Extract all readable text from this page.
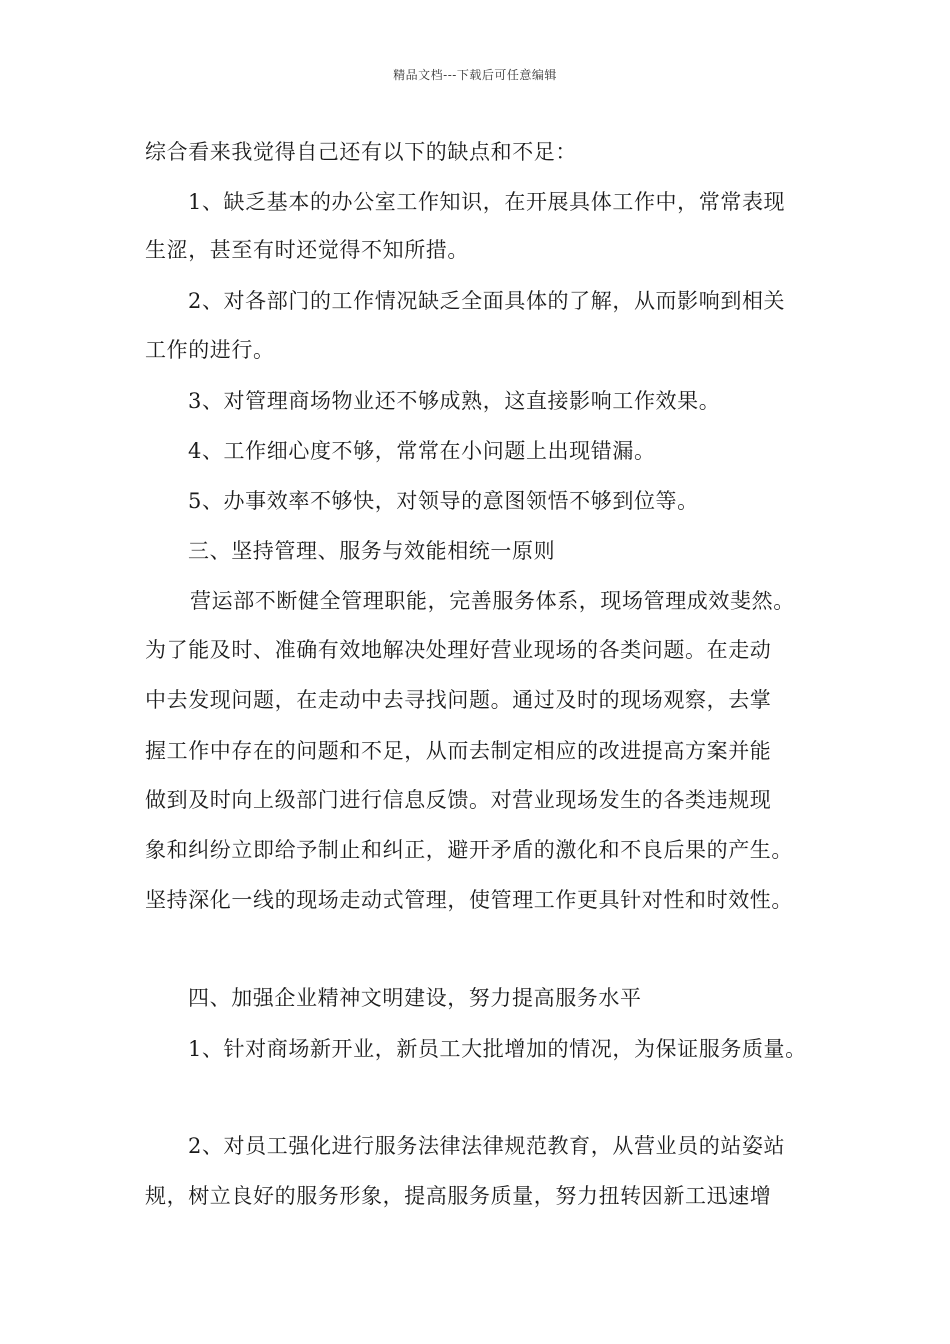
精品文档---下载后可任意编辑
综合看来我觉得自己还有以下的缺点和不足：
1、缺乏基本的办公室工作知识，在开展具体工作中，常常表现
生涩，甚至有时还觉得不知所措。
2、对各部门的工作情况缺乏全面具体的了解，从而影响到相关
工作的进行。
3、对管理商场物业还不够成熟，这直接影响工作效果。
4、工作细心度不够，常常在小问题上出现错漏。
5、办事效率不够快，对领导的意图领悟不够到位等。
三、坚持管理、服务与效能相统一原则
营运部不断健全管理职能，完善服务体系，现场管理成效斐然。
为了能及时、准确有效地解决处理好营业现场的各类问题。在走动
中去发现问题，在走动中去寻找问题。通过及时的现场观察，去掌
握工作中存在的问题和不足，从而去制定相应的改进提高方案并能
做到及时向上级部门进行信息反馈。对营业现场发生的各类违规现
象和纠纷立即给予制止和纠正，避开矛盾的激化和不良后果的产生。
坚持深化一线的现场走动式管理，使管理工作更具针对性和时效性。
四、加强企业精神文明建设，努力提高服务水平
1、针对商场新开业，新员工大批增加的情况，为保证服务质量。
2、对员工强化进行服务法律法律规范教育，从营业员的站姿站
规，树立良好的服务形象，提高服务质量，努力扭转因新工迅速增
